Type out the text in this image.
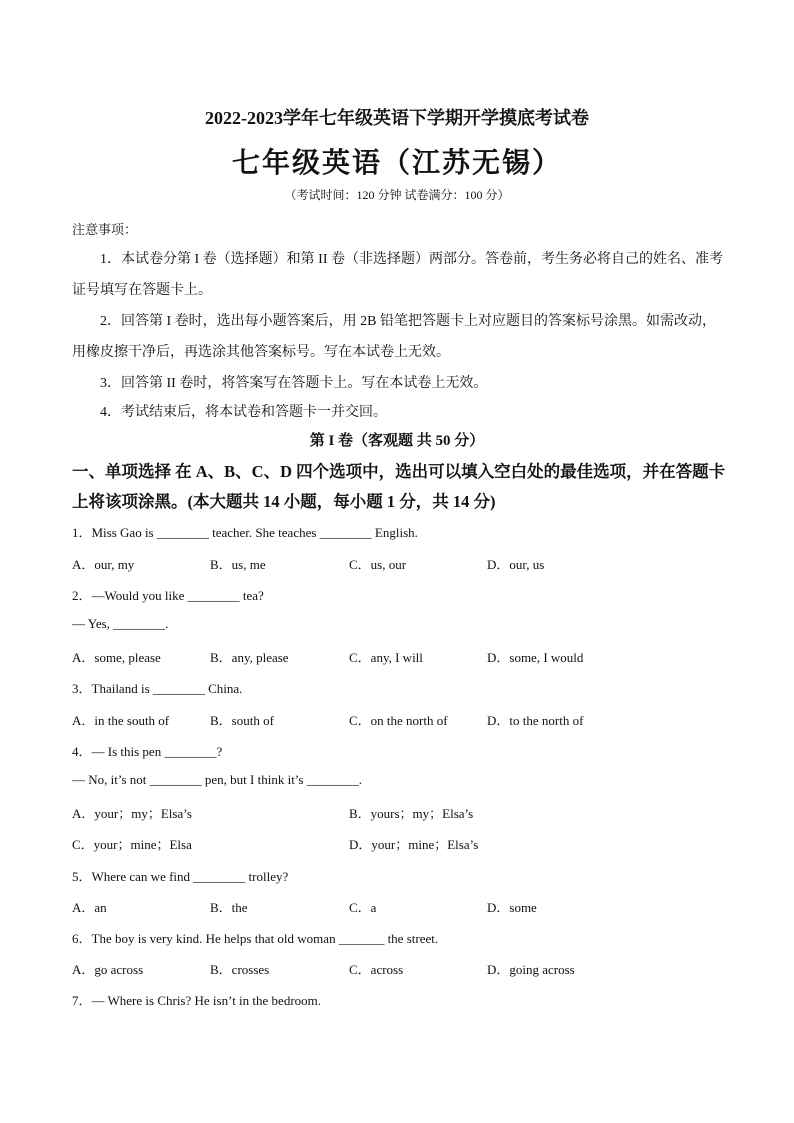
2022-2023学年七年级英语下学期开学摸底考试卷
七年级英语（江苏无锡）
（考试时间：120 分钟 试卷满分：100 分）
注意事项：
1．本试卷分第 I 卷（选择题）和第 II 卷（非选择题）两部分。答卷前，考生务必将自己的姓名、准考
证号填写在答题卡上。
2．回答第 I 卷时，选出每小题答案后，用 2B 铅笔把答题卡上对应题目的答案标号涂黑。如需改动，
用橡皮擦干净后，再选涂其他答案标号。写在本试卷上无效。
3．回答第 II 卷时，将答案写在答题卡上。写在本试卷上无效。
4．考试结束后，将本试卷和答题卡一并交回。
第 I 卷（客观题 共 50 分）
一、单项选择 在 A、B、C、D 四个选项中，选出可以填入空白处的最佳选项，并在答题卡
上将该项涂黑。(本大题共 14 小题，每小题 1 分，共 14 分)
1．Miss Gao is ________ teacher. She teaches ________ English.
A．our, my	B．us, me	C．us, our	D．our, us
2．—Would you like ________ tea?
— Yes, ________.
A．some, please	B．any, please	C．any, I will	D．some, I would
3．Thailand is ________ China.
A．in the south of	B．south of	C．on the north of	D．to the north of
4．— Is this pen ________?
— No, it’s not ________ pen, but I think it’s ________.
A．your；my；Elsa’s	B．yours；my；Elsa’s
C．your；mine；Elsa	D．your；mine；Elsa’s
5．Where can we find ________ trolley?
A．an	B．the	C．a	D．some
6．The boy is very kind. He helps that old woman _______ the street.
A．go across	B．crosses	C．across	D．going across
7．— Where is Chris? He isn’t in the bedroom.
